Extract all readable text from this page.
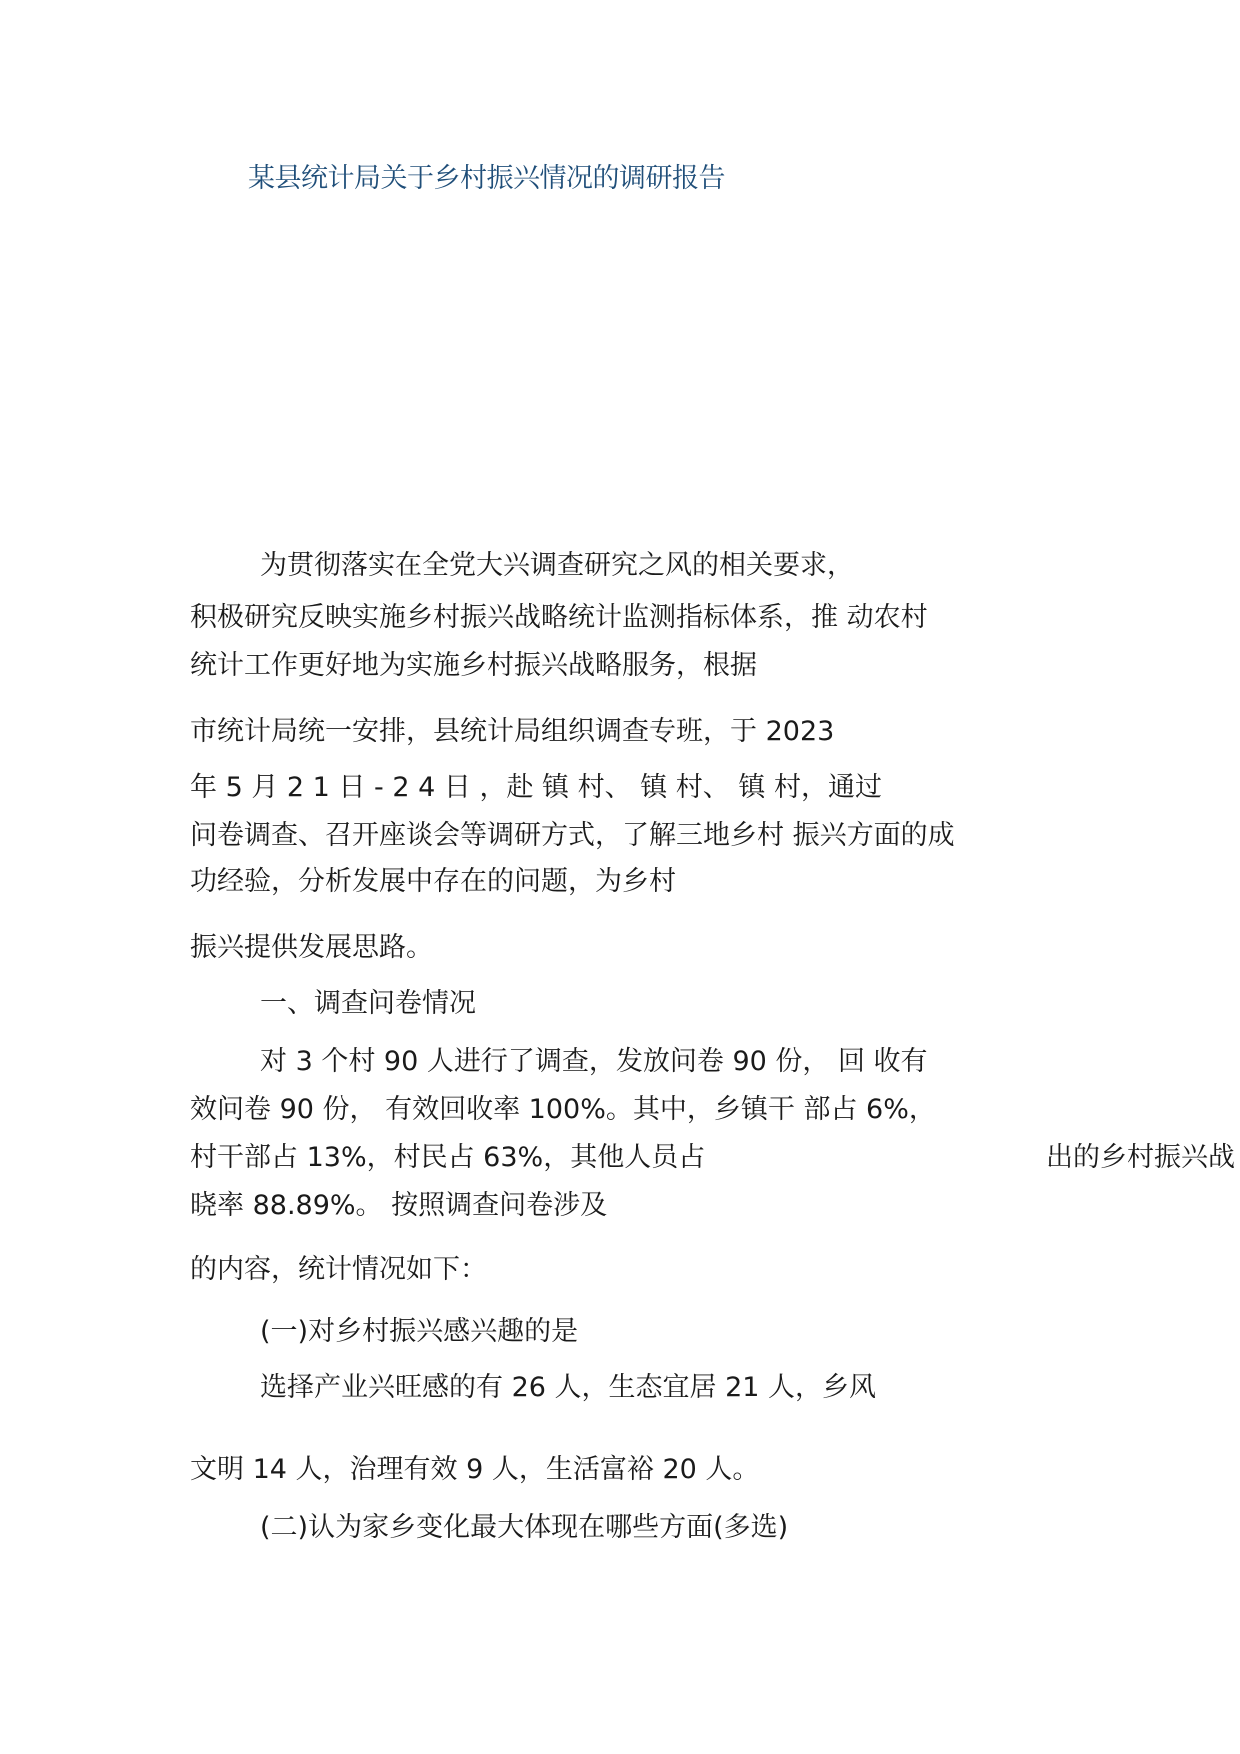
某县统计局关于乡村振兴情况的调研报告
为贯彻落实在全党大兴调查研究之风的相关要求，
积极研究反映实施乡村振兴战略统计监测指标体系，推 动农村
统计工作更好地为实施乡村振兴战略服务，根据
市统计局统一安排，县统计局组织调查专班，于 2023
年 5 月 2 1 日 - 2 4 日 ，赴 镇 村、 镇 村、 镇 村，通过
问卷调查、召开座谈会等调研方式，了解三地乡村 振兴方面的成
功经验，分析发展中存在的问题，为乡村
振兴提供发展思路。
一、调查问卷情况
对 3 个村 90 人进行了调查，发放问卷 90 份， 回 收有
效问卷 90 份， 有效回收率 100%。其中，乡镇干 部占 6%，
村干部占 13%，村民占 63%，其他人员占	出的乡村振兴战
晓率 88.89%。 按照调查问卷涉及
的内容，统计情况如下：
(一)对乡村振兴感兴趣的是
选择产业兴旺感的有 26 人，生态宜居 21 人，乡风
文明 14 人，治理有效 9 人，生活富裕 20 人。
(二)认为家乡变化最大体现在哪些方面(多选)
